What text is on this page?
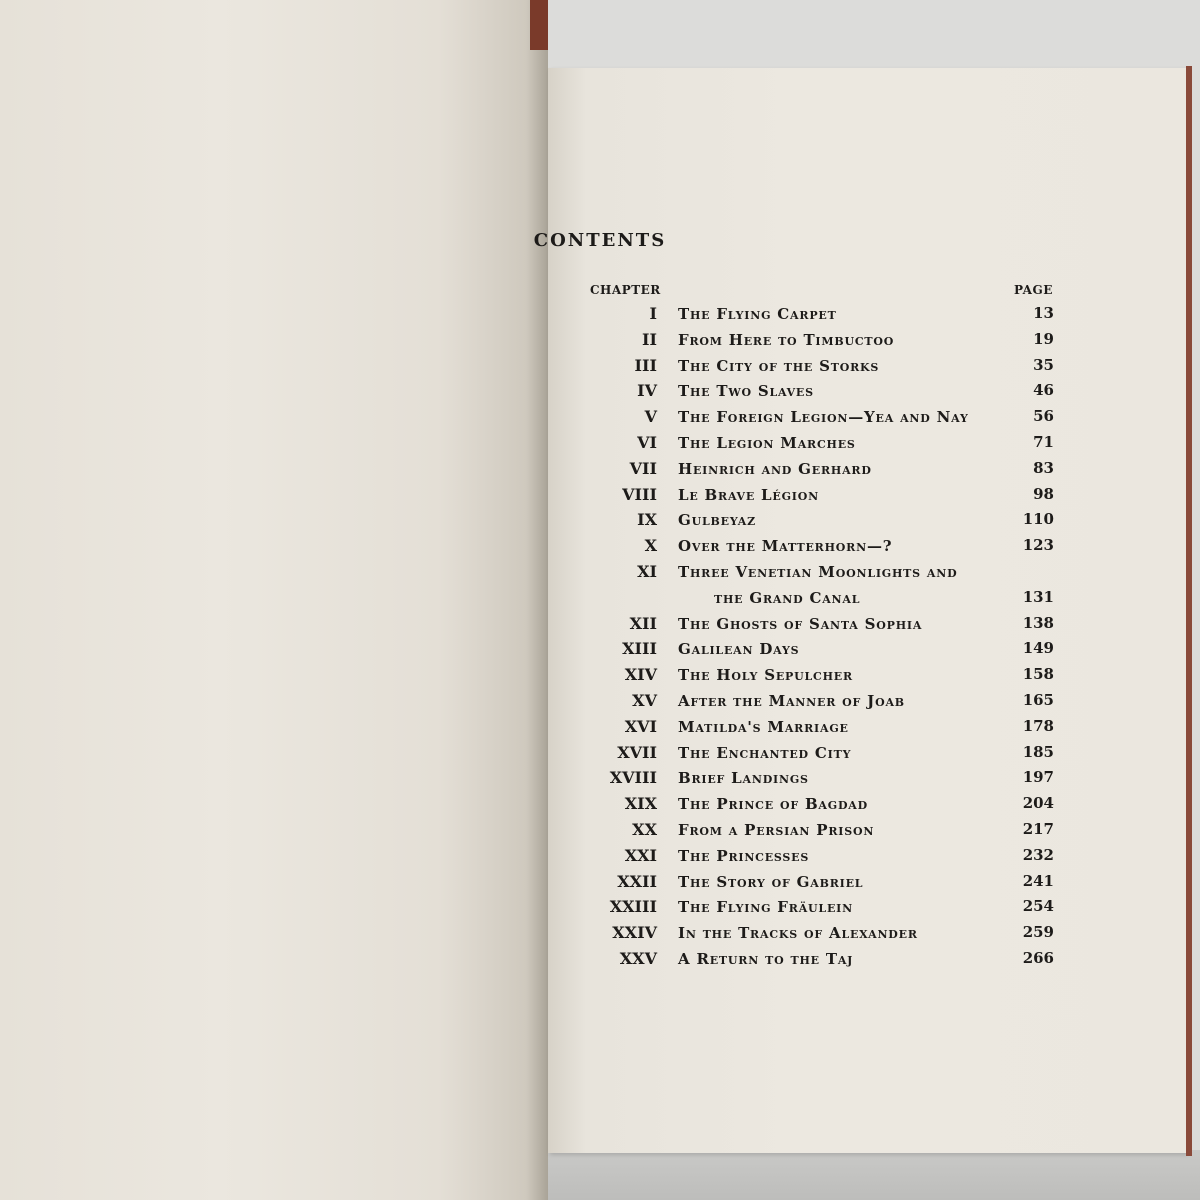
CONTENTS
CHAPTER	PAGE
I The Flying Carpet	13
II From Here to Timbuctoo	19
III The City of the Storks	35
IV The Two Slaves	46
V The Foreign Legion—Yea and Nay	56
VI The Legion Marches	71
VII Heinrich and Gerhard	83
VIII Le Brave Légion	98
IX Gulbeyaz	110
X Over the Matterhorn—?	123
XI Three Venetian Moonlights and
the Grand Canal	131
XII The Ghosts of Santa Sophia	138
XIII Galilean Days	149
XIV The Holy Sepulcher	158
XV After the Manner of Joab	165
XVI Matilda's Marriage	178
XVII The Enchanted City	185
XVIII Brief Landings	197
XIX The Prince of Bagdad	204
XX From a Persian Prison	217
XXI The Princesses	232
XXII The Story of Gabriel	241
XXIII The Flying Fräulein	254
XXIV In the Tracks of Alexander	259
XXV A Return to the Taj	266
